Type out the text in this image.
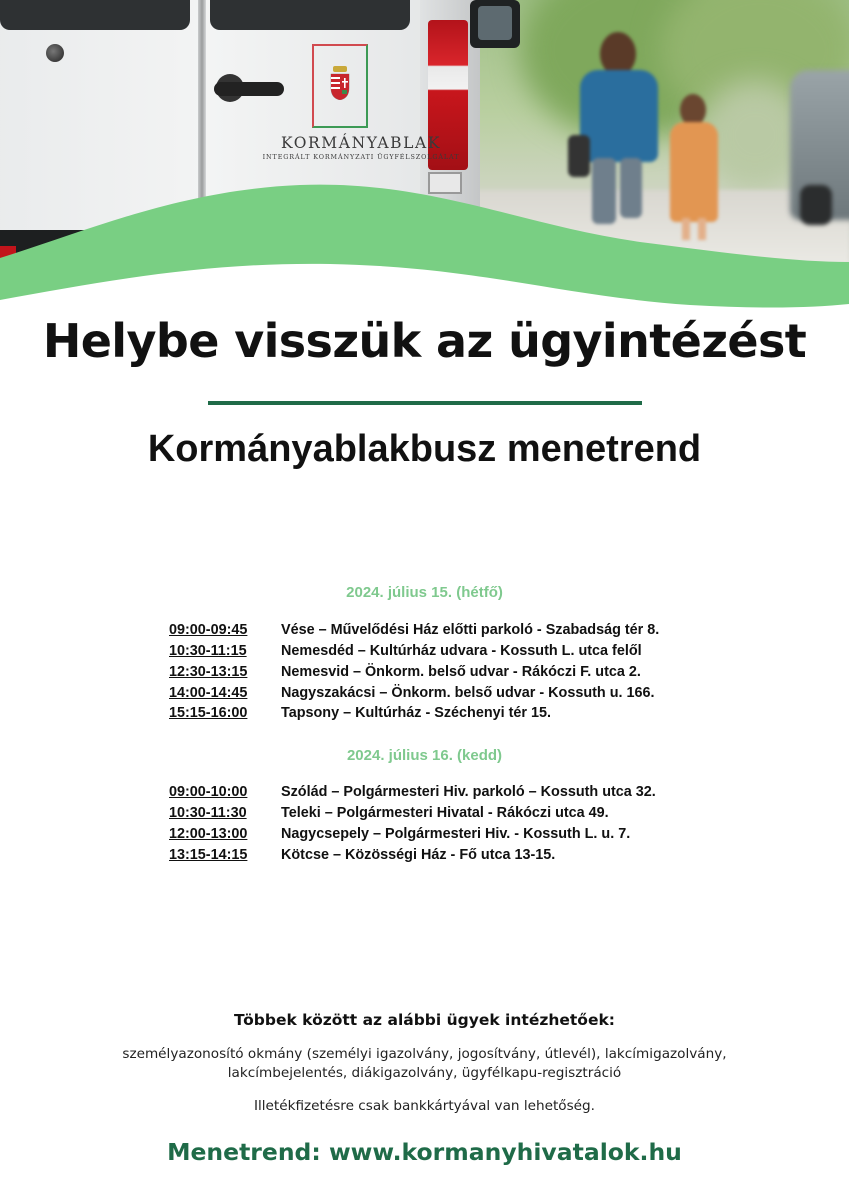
KORMÁNYABLAK
INTEGRÁLT KORMÁNYZATI ÜGYFÉLSZOLGÁLAT
Helybe visszük az ügyintézést
Kormányablakbusz menetrend
2024. július 15. (hétfő)
09:00-09:45 Vése – Művelődési Ház előtti parkoló - Szabadság tér 8.
10:30-11:15 Nemesdéd – Kultúrház udvara - Kossuth L. utca felől
12:30-13:15 Nemesvid – Önkorm. belső udvar - Rákóczi F. utca 2.
14:00-14:45 Nagyszakácsi – Önkorm. belső udvar - Kossuth u. 166.
15:15-16:00 Tapsony – Kultúrház - Széchenyi tér 15.
2024. július 16. (kedd)
09:00-10:00 Szólád – Polgármesteri Hiv. parkoló – Kossuth utca 32.
10:30-11:30 Teleki – Polgármesteri Hivatal - Rákóczi utca 49.
12:00-13:00 Nagycsepely – Polgármesteri Hiv. - Kossuth L. u. 7.
13:15-14:15 Kötcse – Közösségi Ház - Fő utca 13-15.
Többek között az alábbi ügyek intézhetőek:
személyazonosító okmány (személyi igazolvány, jogosítvány, útlevél), lakcímigazolvány,
lakcímbejelentés, diákigazolvány, ügyfélkapu-regisztráció
Illetékfizetésre csak bankkártyával van lehetőség.
Menetrend: www.kormanyhivatalok.hu
